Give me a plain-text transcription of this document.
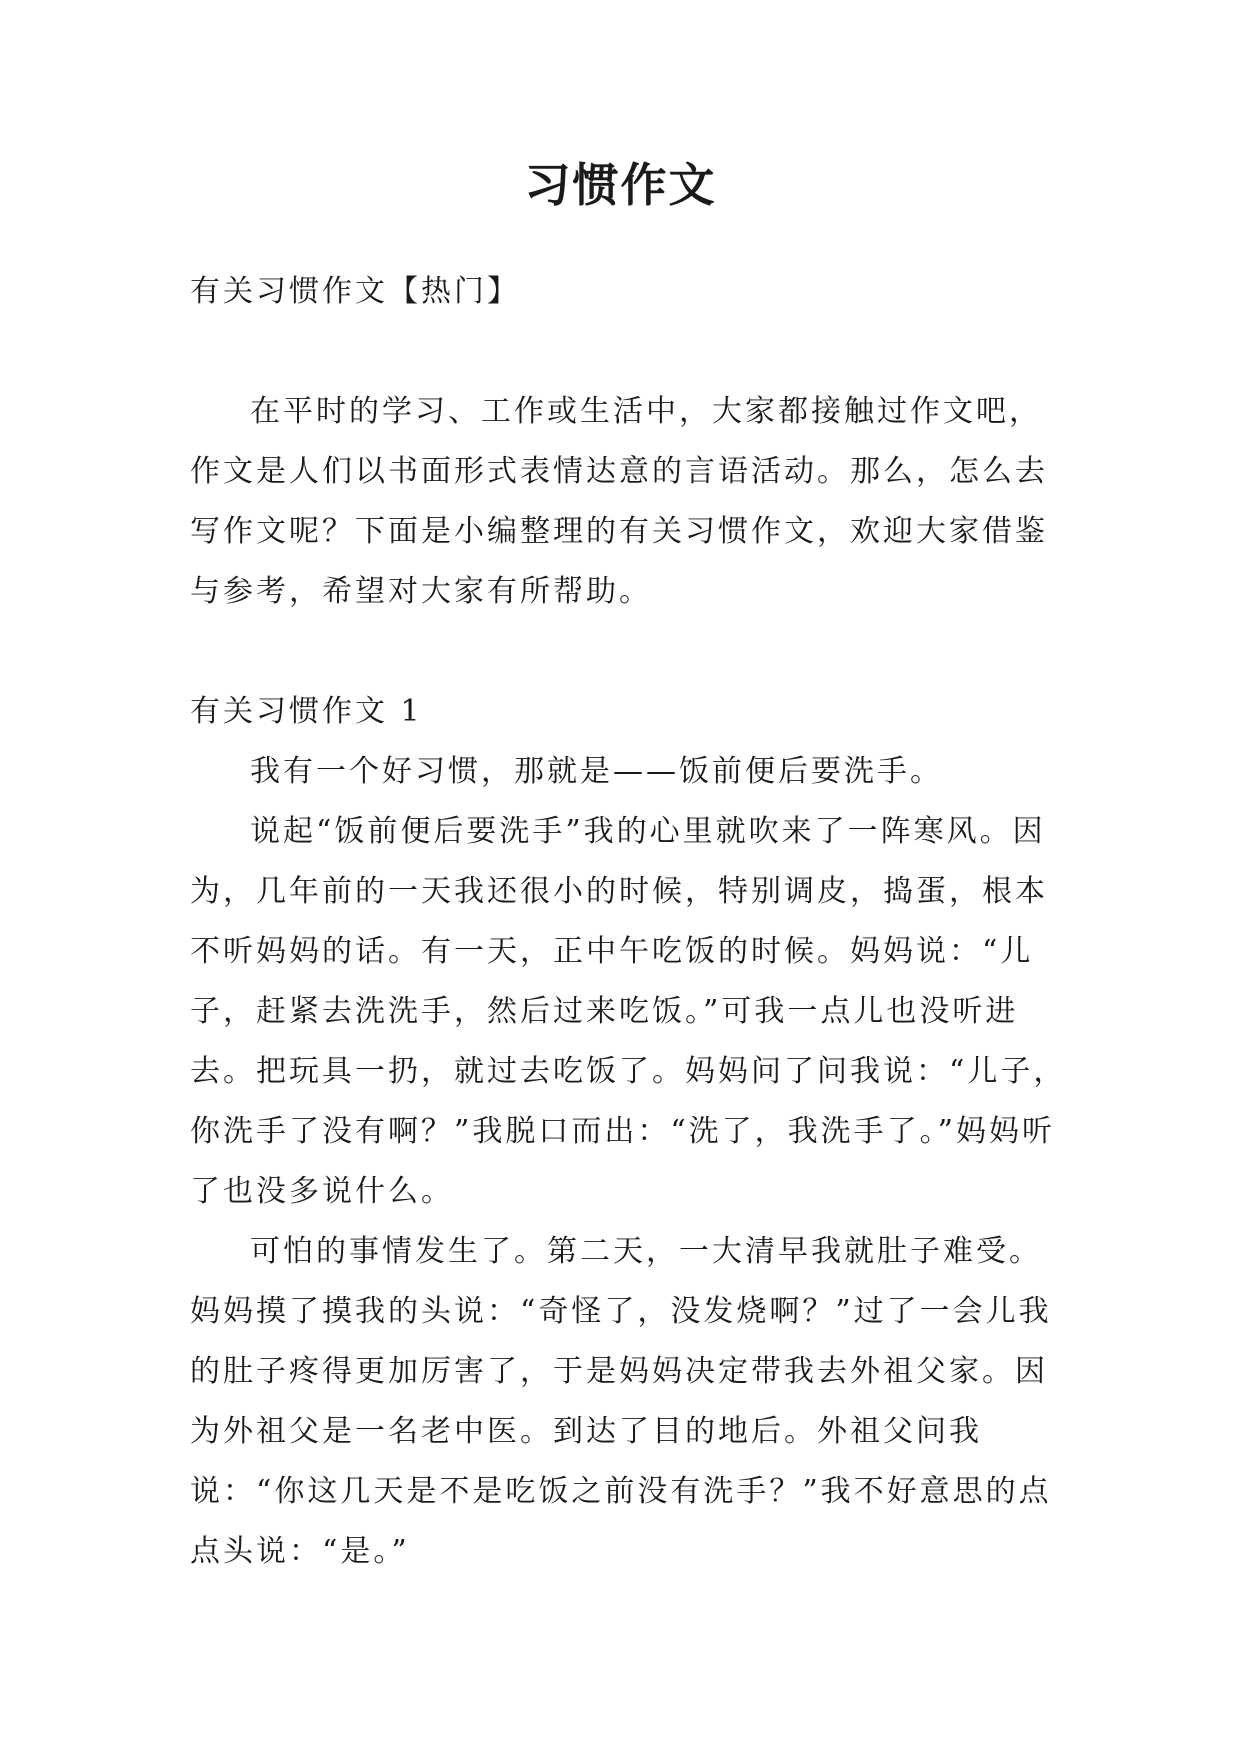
习惯作文

有关习惯作文【热门】

在平时的学习、工作或生活中，大家都接触过作文吧，作文是人们以书面形式表情达意的言语活动。那么，怎么去写作文呢？下面是小编整理的有关习惯作文，欢迎大家借鉴与参考，希望对大家有所帮助。

有关习惯作文 1

我有一个好习惯，那就是——饭前便后要洗手。

说起“饭前便后要洗手”我的心里就吹来了一阵寒风。因为，几年前的一天我还很小的时候，特别调皮，捣蛋，根本不听妈妈的话。有一天，正中午吃饭的时候。妈妈说：“儿子，赶紧去洗洗手，然后过来吃饭。”可我一点儿也没听进去。把玩具一扔，就过去吃饭了。妈妈问了问我说：“儿子，你洗手了没有啊？”我脱口而出：“洗了，我洗手了。”妈妈听了也没多说什么。

可怕的事情发生了。第二天，一大清早我就肚子难受。妈妈摸了摸我的头说：“奇怪了，没发烧啊？”过了一会儿我的肚子疼得更加厉害了，于是妈妈决定带我去外祖父家。因为外祖父是一名老中医。到达了目的地后。外祖父问我说：“你这几天是不是吃饭之前没有洗手？”我不好意思的点点头说：“是。”
